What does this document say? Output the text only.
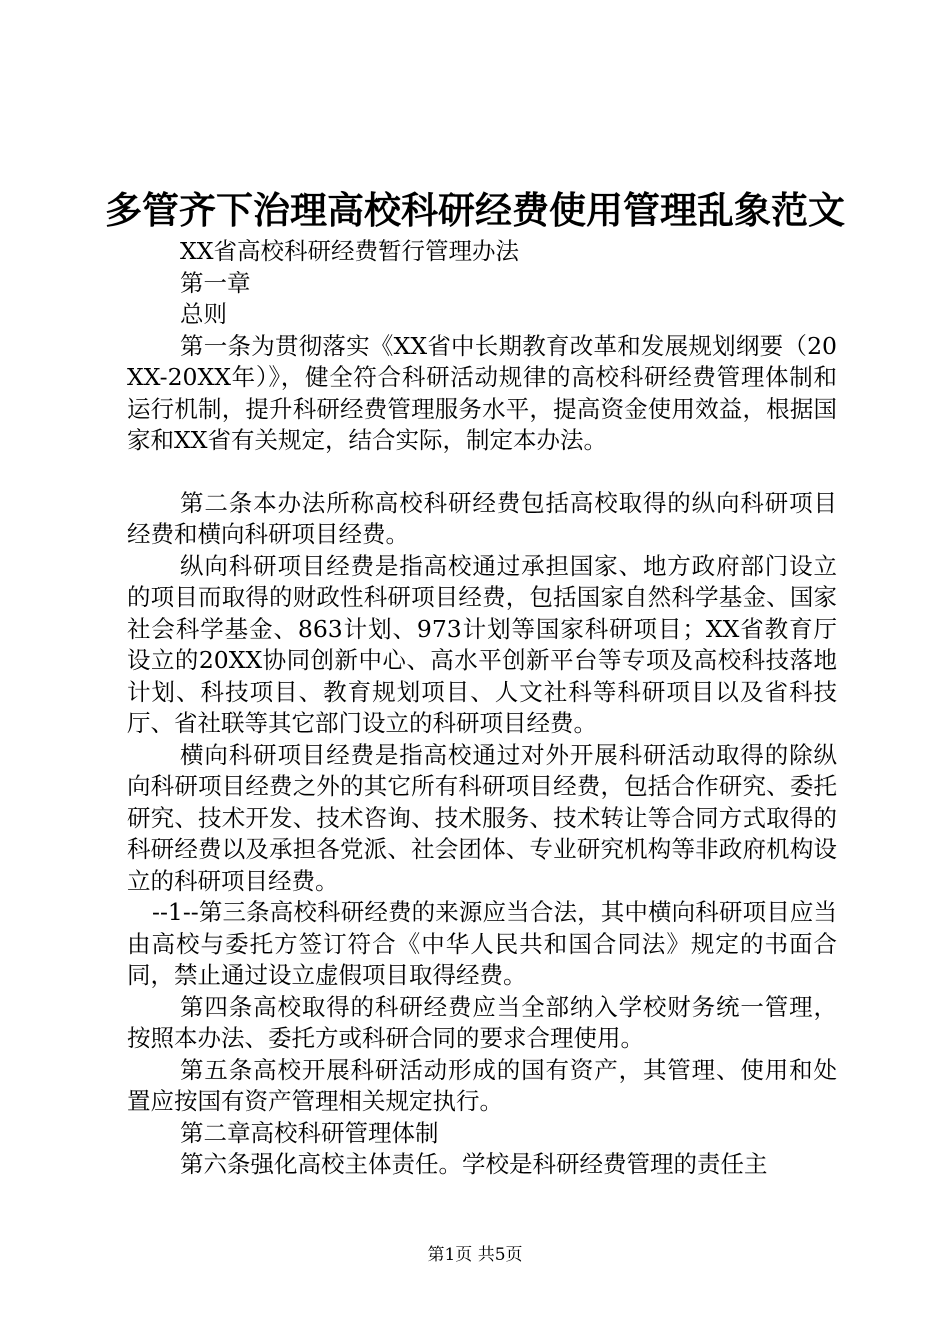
多管齐下治理高校科研经费使用管理乱象范文

XX省高校科研经费暂行管理办法

第一章

总则

第一条为贯彻落实《XX省中长期教育改革和发展规划纲要（20XX-20XX年）》，健全符合科研活动规律的高校科研经费管理体制和运行机制，提升科研经费管理服务水平，提高资金使用效益，根据国家和XX省有关规定，结合实际，制定本办法。

第二条本办法所称高校科研经费包括高校取得的纵向科研项目经费和横向科研项目经费。

纵向科研项目经费是指高校通过承担国家、地方政府部门设立的项目而取得的财政性科研项目经费，包括国家自然科学基金、国家社会科学基金、863计划、973计划等国家科研项目；XX省教育厅设立的20XX协同创新中心、高水平创新平台等专项及高校科技落地计划、科技项目、教育规划项目、人文社科等科研项目以及省科技厅、省社联等其它部门设立的科研项目经费。

横向科研项目经费是指高校通过对外开展科研活动取得的除纵向科研项目经费之外的其它所有科研项目经费，包括合作研究、委托研究、技术开发、技术咨询、技术服务、技术转让等合同方式取得的科研经费以及承担各党派、社会团体、专业研究机构等非政府机构设立的科研项目经费。

--1--第三条高校科研经费的来源应当合法，其中横向科研项目应当由高校与委托方签订符合《中华人民共和国合同法》规定的书面合同，禁止通过设立虚假项目取得经费。

第四条高校取得的科研经费应当全部纳入学校财务统一管理，按照本办法、委托方或科研合同的要求合理使用。

第五条高校开展科研活动形成的国有资产，其管理、使用和处置应按国有资产管理相关规定执行。

第二章高校科研管理体制

第六条强化高校主体责任。学校是科研经费管理的责任主

第1页 共5页
